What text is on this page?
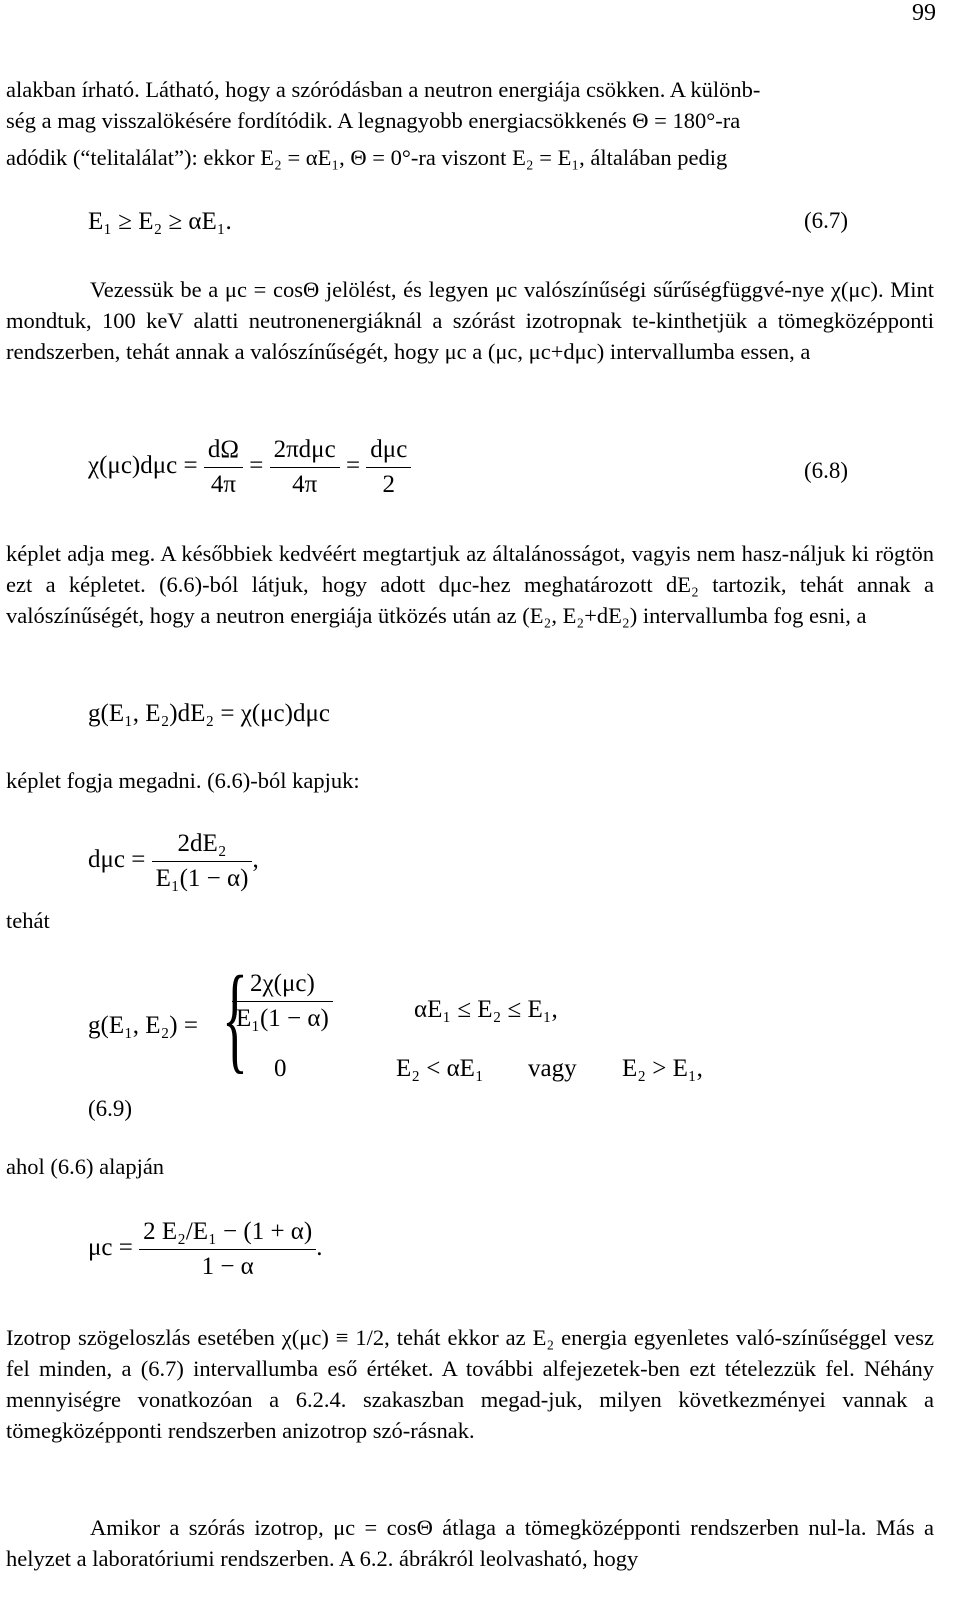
99
alakban írható. Látható, hogy a szóródásban a neutron energiája csökken. A különb-
ség a mag visszalökésére fordítódik. A legnagyobb energiacsökkenés Θ = 180°-ra
adódik (“telitalálat”): ekkor E₂ = αE₁, Θ = 0°-ra viszont E₂ = E₁, általában pedig
E₁ ≥ E₂ ≥ αE₁.	(6.7)
Vezessük be a μc = cosΘ jelölést, és legyen μc valószínűségi sűrűségfüggvé-nye χ(μc). Mint mondtuk, 100 keV alatti neutronenergiáknál a szórást izotropnak te-kinthetjük a tömegközépponti rendszerben, tehát annak a valószínűségét, hogy μc a (μc, μc+dμc) intervallumba essen, a
$\chi(\mu c)d\mu c = \frac{d\Omega}{4\pi} = \frac{\text{2πdμc}}{4\pi} = \frac{\text{dμc}}{2}$	(6.8)
képlet adja meg. A későbbiek kedvéért megtartjuk az általánosságot, vagyis nem hasz-náljuk ki rögtön ezt a képletet. (6.6)-ból látjuk, hogy adott dμc-hez meghatározott dE₂ tartozik, tehát annak a valószínűségét, hogy a neutron energiája ütközés után az (E₂, E₂+dE₂) intervallumba fog esni, a
g(E₁, E₂)dE₂ = χ(μc)dμc
képlet fogja megadni. (6.6)-ból kapjuk:
$d\mu c = \frac{\text{2dE₂}}{\text{E₁(1 − α)}}$ ,
tehát
g(E₁, E₂) = {
$\frac{2\chi(\mu c)}{\text{E₁(1 − α)}}$	αE₁ ≤ E₂ ≤ E₁,
0	E₂ < αE₁ vagy E₂ > E₁,
(6.9)
ahol (6.6) alapján
$\mu c = \frac{\text{2 E₂/E₁ − (1 + α)}}{1 - \alpha}$ .
Izotrop szögeloszlás esetében χ(μc) ≡ 1/2, tehát ekkor az E₂ energia egyenletes való-színűséggel vesz fel minden, a (6.7) intervallumba eső értéket. A további alfejezetek-ben ezt tételezzük fel. Néhány mennyiségre vonatkozóan a 6.2.4. szakaszban megad-juk, milyen következményei vannak a tömegközépponti rendszerben anizotrop szó-rásnak.
Amikor a szórás izotrop, μc = cosΘ átlaga a tömegközépponti rendszerben nul-la. Más a helyzet a laboratóriumi rendszerben. A 6.2. ábrákról leolvasható, hogy
